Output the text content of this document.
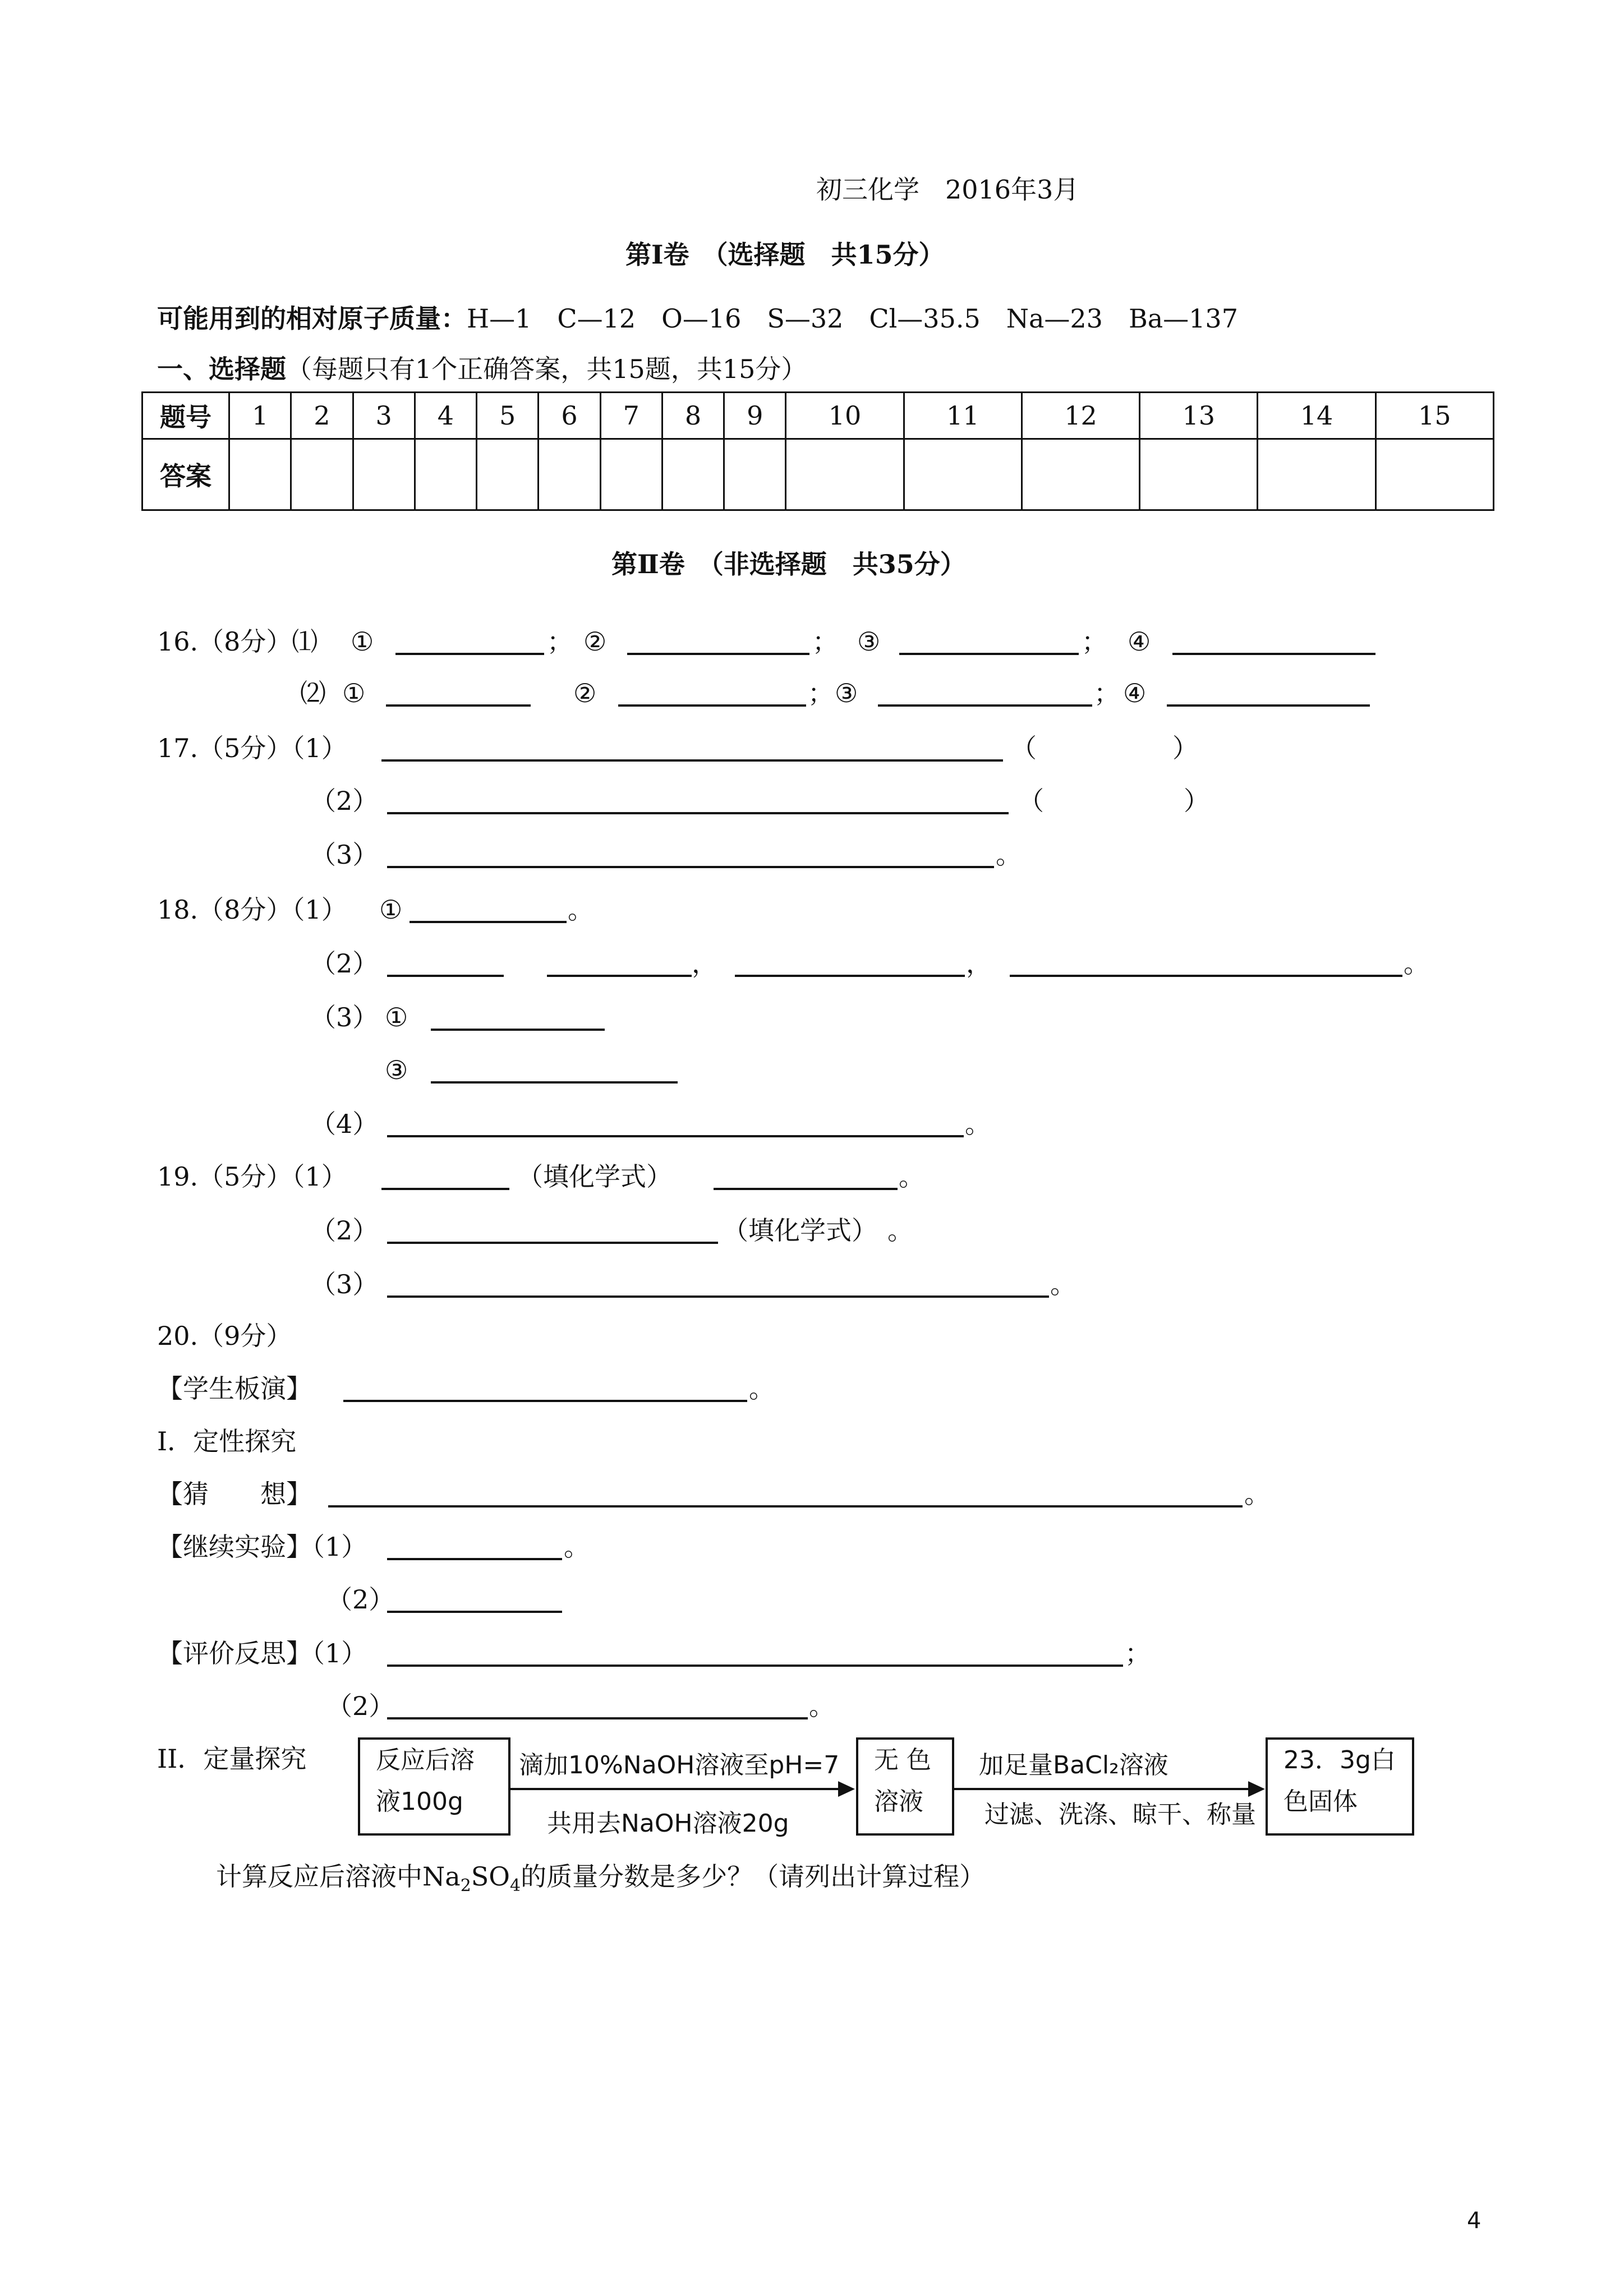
初三化学　2016年3月
第Ⅰ卷　（选择题　共15分）
可能用到的相对原子质量：H—1　C—12　O—16　S—32　Cl—35.5　Na—23　Ba—137
一、选择题（每题只有1个正确答案，共15题，共15分）
题号	1	2	3	4	5	6	7	8	9	10	11	12	13	14	15
答案															
第Ⅱ卷　（非选择题　共35分）
16.（8分）⑴ ①	； ②	； ③	； ④
⑵ ①	②	； ③	； ④
17.（5分）（1）	（	）
（2）	（	）
（3）	。
18.（8分）（1） ①	。
（2）	，	，	。
（3） ①
③
（4）	。
19.（5分）（1）	（填化学式）	。
（2）	（填化学式） 。
（3）	。
20.（9分）
【学生板演】	。
Ⅰ．定性探究
【猜　　想】	。
【继续实验】（1）	。
（2）
【评价反思】（1）	；
（2）	。
II．定量探究	反应后溶
液100g
滴加10%NaOH溶液至pH=7
共用去NaOH溶液20g
无 色
溶液
加足量BaCl₂溶液
过滤、洗涤、晾干、称量
23．3g白
色固体
计算反应后溶液中$Na_2SO_4$的质量分数是多少？（请列出计算过程）
4
